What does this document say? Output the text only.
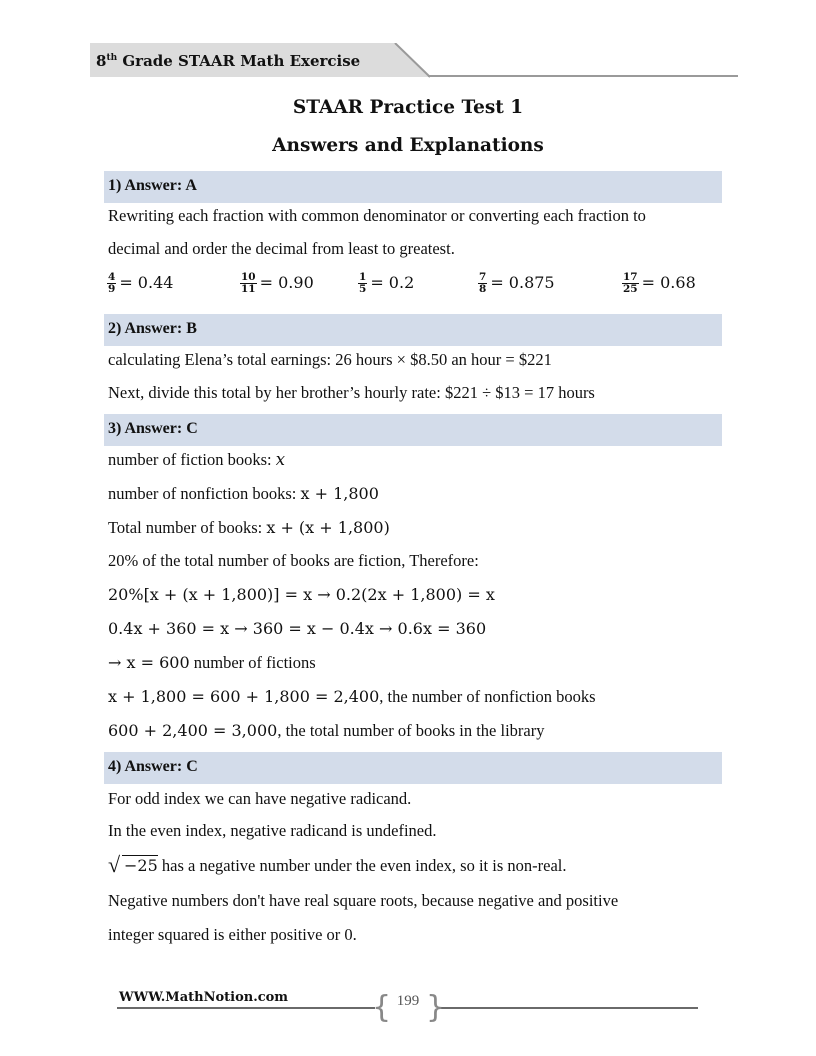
8th Grade STAAR Math Exercise
STAAR Practice Test 1
Answers and Explanations
1) Answer: A
Rewriting each fraction with common denominator or converting each fraction to
decimal and order the decimal from least to greatest.
$\frac{4}{9} = 0.44$	$\frac{10}{11} = 0.90$	$\frac{1}{5} = 0.2$	$\frac{7}{8} = 0.875$	$\frac{17}{25} = 0.68$
2) Answer: B
calculating Elena’s total earnings: 26 hours × $8.50 an hour = $221
Next, divide this total by her brother’s hourly rate: $221 ÷ $13 = 17 hours
3) Answer: C
number of fiction books: x
number of nonfiction books: x + 1,800
Total number of books: x + (x + 1,800)
20% of the total number of books are fiction, Therefore:
20%[x + (x + 1,800)] = x → 0.2(2x + 1,800) = x
0.4x + 360 = x → 360 = x − 0.4x → 0.6x = 360
→ x = 600 number of fictions
x + 1,800 = 600 + 1,800 = 2,400, the number of nonfiction books
600 + 2,400 = 3,000, the total number of books in the library
4) Answer: C
For odd index we can have negative radicand.
In the even index, negative radicand is undefined.
√ −25 has a negative number under the even index, so it is non-real.
Negative numbers don't have real square roots, because negative and positive
integer squared is either positive or 0.
WWW.MathNotion.com	{ }
199
